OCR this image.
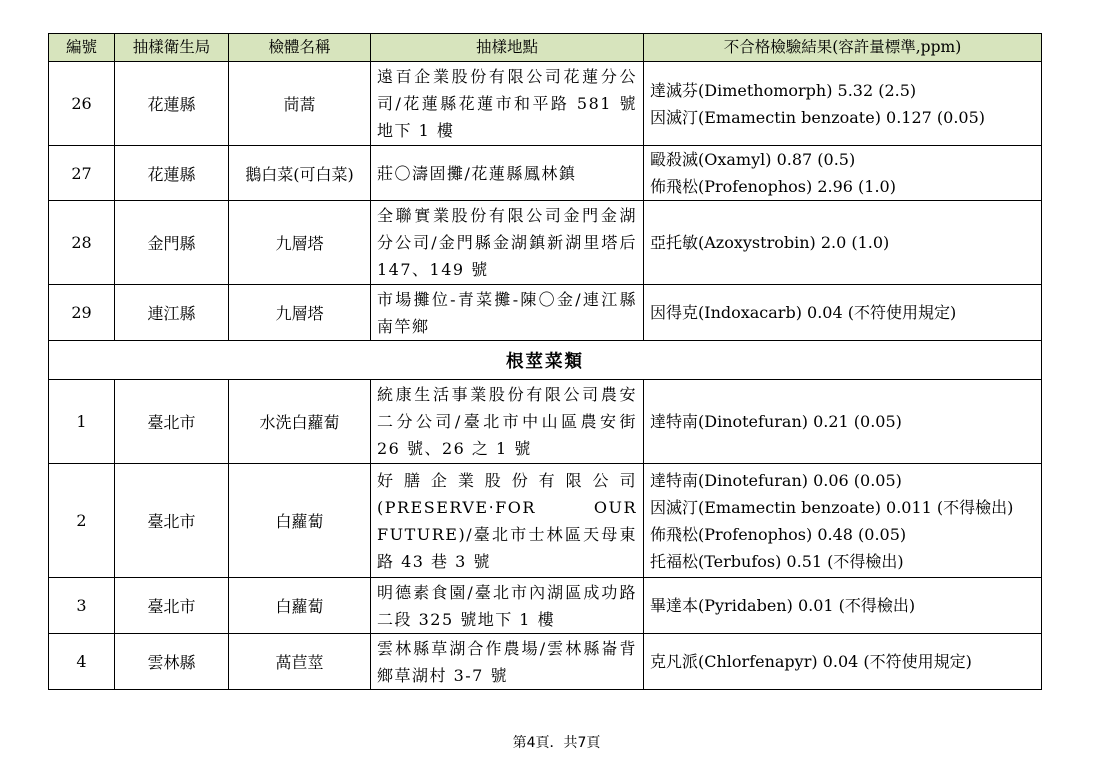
編號	抽樣衛生局	檢體名稱	抽樣地點	不合格檢驗結果(容許量標準,ppm)
26	花蓮縣	茼蒿	遠百企業股份有限公司花蓮分公司/花蓮縣花蓮市和平路 581 號地下 1 樓	達滅芬(Dimethomorph) 5.32 (2.5)
因滅汀(Emamectin benzoate) 0.127 (0.05)

27	花蓮縣	鵝白菜(可白菜)	莊〇濤固攤/花蓮縣鳳林鎮	毆殺滅(Oxamyl) 0.87 (0.5)
佈飛松(Profenophos) 2.96 (1.0)

28	金門縣	九層塔	全聯實業股份有限公司金門金湖分公司/金門縣金湖鎮新湖里塔后 147、149 號	亞托敏(Azoxystrobin) 2.0 (1.0)

29	連江縣	九層塔	市場攤位-青菜攤-陳〇金/連江縣南竿鄉	因得克(Indoxacarb) 0.04 (不符使用規定)

根莖菜類				
1	臺北市	水洗白蘿蔔	統康生活事業股份有限公司農安二分公司/臺北市中山區農安街 26 號、26 之 1 號	達特南(Dinotefuran) 0.21 (0.05)

2	臺北市	白蘿蔔	好膳企業股份有限公司 (PRESERVE‧FOR OUR FUTURE)/臺北市士林區天母東路 43 巷 3 號	達特南(Dinotefuran) 0.06 (0.05)
因滅汀(Emamectin benzoate) 0.011 (不得檢出)
佈飛松(Profenophos) 0.48 (0.05)
托福松(Terbufos) 0.51 (不得檢出)

3	臺北市	白蘿蔔	明德素食園/臺北市內湖區成功路二段 325 號地下 1 樓	畢達本(Pyridaben) 0.01 (不得檢出)

4	雲林縣	萵苣莖	雲林縣草湖合作農場/雲林縣崙背鄉草湖村 3-7 號	克凡派(Chlorfenapyr) 0.04 (不符使用規定)
第4頁．共7頁
